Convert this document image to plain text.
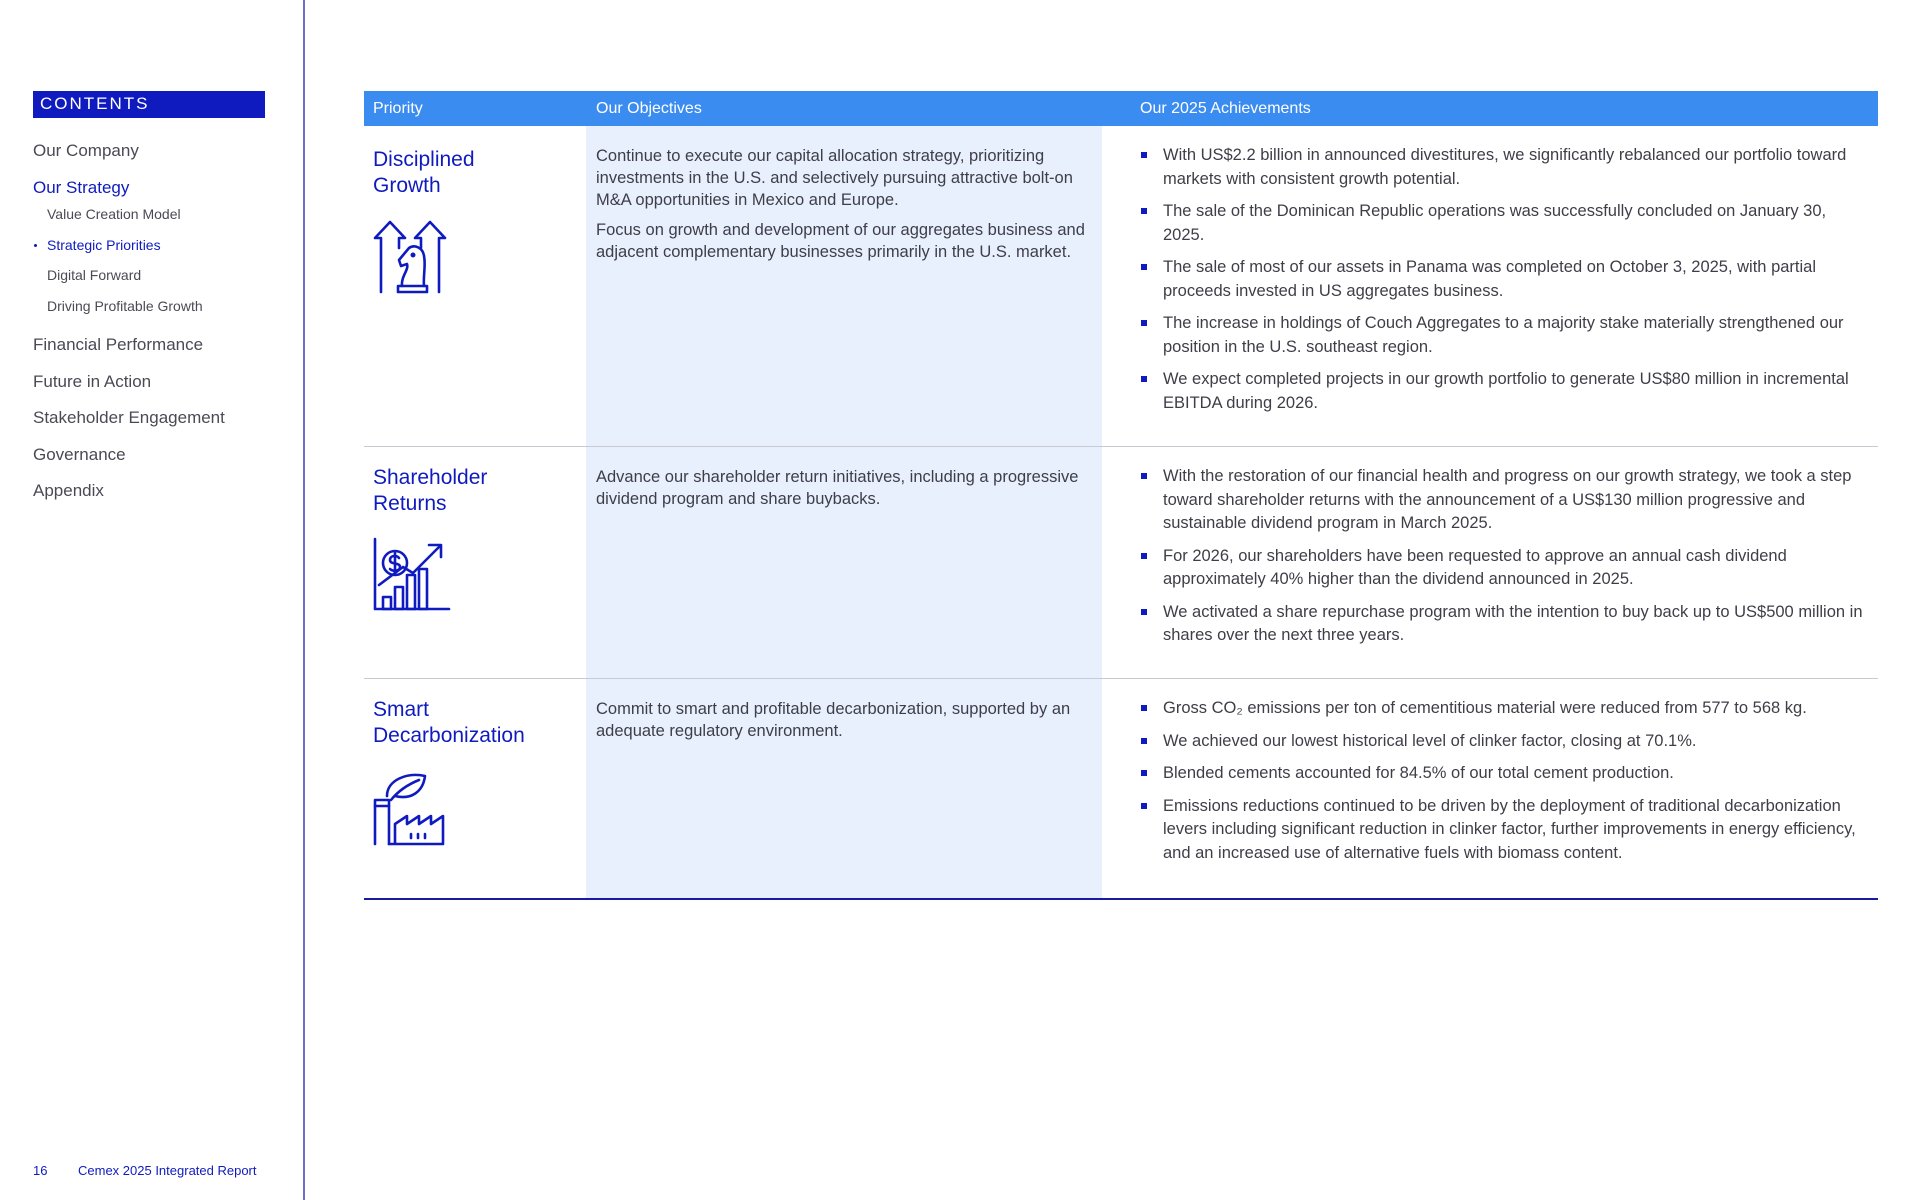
CONTENTS
Our Company
Our Strategy
Value Creation Model
Strategic Priorities
Digital Forward
Driving Profitable Growth
Financial Performance
Future in Action
Stakeholder Engagement
Governance
Appendix
16 Cemex 2025 Integrated Report
Priority	Our Objectives	Our 2025 Achievements
Disciplined
Growth

Continue to execute our capital allocation strategy, prioritizing investments in the U.S. and selectively pursuing attractive bolt-on M&A opportunities in Mexico and Europe.

Focus on growth and development of our aggregates business and adjacent complementary businesses primarily in the U.S. market.

With US$2.2 billion in announced divestitures, we significantly rebalanced our portfolio toward markets with consistent growth potential.
The sale of the Dominican Republic operations was successfully concluded on January 30, 2025.
The sale of most of our assets in Panama was completed on October 3, 2025, with partial proceeds invested in US aggregates business.
The increase in holdings of Couch Aggregates to a majority stake materially strengthened our position in the U.S. southeast region.
We expect completed projects in our growth portfolio to generate US$80 million in incremental EBITDA during 2026.
Shareholder
Returns

Advance our shareholder return initiatives, including a progressive dividend program and share buybacks.

With the restoration of our financial health and progress on our growth strategy, we took a step toward shareholder returns with the announcement of a US$130 million progressive and sustainable dividend program in March 2025.
For 2026, our shareholders have been requested to approve an annual cash dividend approximately 40% higher than the dividend announced in 2025.
We activated a share repurchase program with the intention to buy back up to US$500 million in shares over the next three years.
Smart
Decarbonization

Commit to smart and profitable decarbonization, supported by an adequate regulatory environment.

Gross CO₂ emissions per ton of cementitious material were reduced from 577 to 568 kg.
We achieved our lowest historical level of clinker factor, closing at 70.1%.
Blended cements accounted for 84.5% of our total cement production.
Emissions reductions continued to be driven by the deployment of traditional decarbonization levers including significant reduction in clinker factor, further improvements in energy efficiency, and an increased use of alternative fuels with biomass content.
